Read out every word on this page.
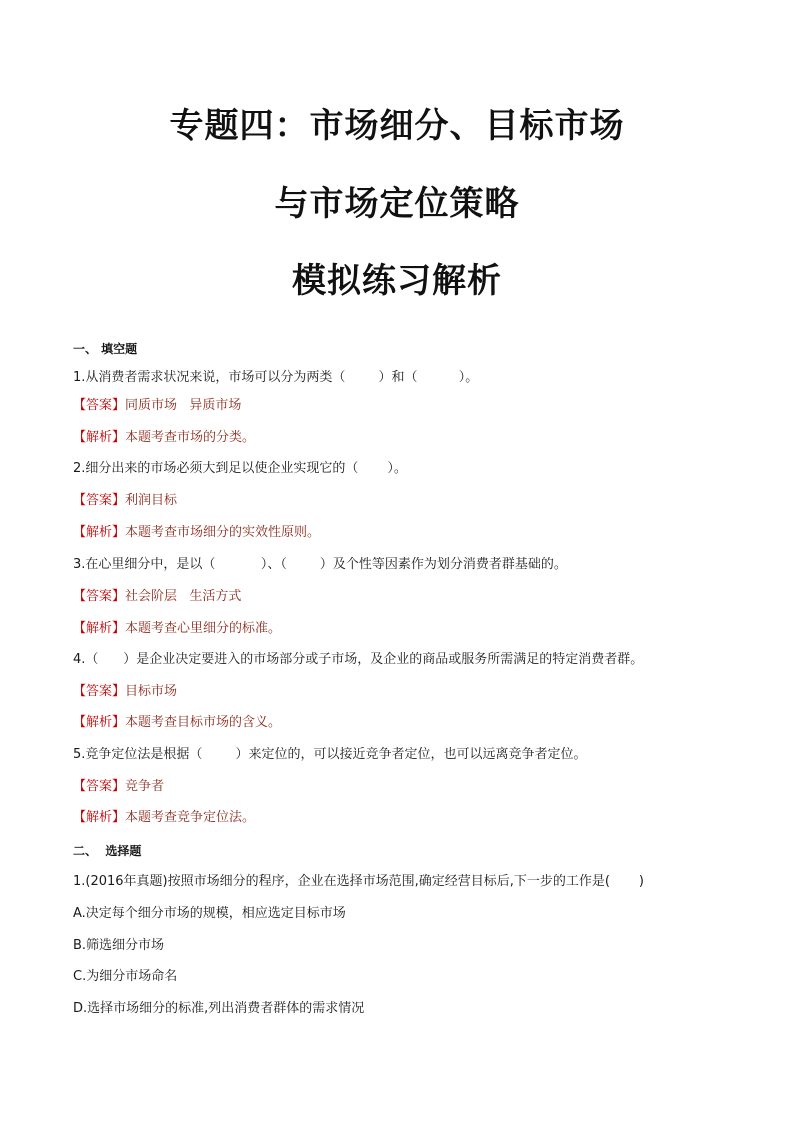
专题四：市场细分、目标市场
与市场定位策略
模拟练习解析
一、 填空题
1.从消费者需求状况来说，市场可以分为两类（        ）和（          ）。
【答案】同质市场   异质市场
【解析】本题考查市场的分类。
2.细分出来的市场必须大到足以使企业实现它的（       ）。
【答案】利润目标
【解析】本题考查市场细分的实效性原则。
3.在心里细分中，是以（           ）、（        ）及个性等因素作为划分消费者群基础的。
【答案】社会阶层   生活方式
【解析】本题考查心里细分的标准。
4.（      ）是企业决定要进入的市场部分或子市场，及企业的商品或服务所需满足的特定消费者群。
【答案】目标市场
【解析】本题考查目标市场的含义。
5.竞争定位法是根据（        ）来定位的，可以接近竞争者定位，也可以远离竞争者定位。
【答案】竞争者
【解析】本题考查竞争定位法。
二、  选择题
1.(2016年真题)按照市场细分的程序，企业在选择市场范围,确定经营目标后,下一步的工作是(       )
A.决定每个细分市场的规模，相应选定目标市场
B.筛选细分市场
C.为细分市场命名
D.选择市场细分的标准,列出消费者群体的需求情况
